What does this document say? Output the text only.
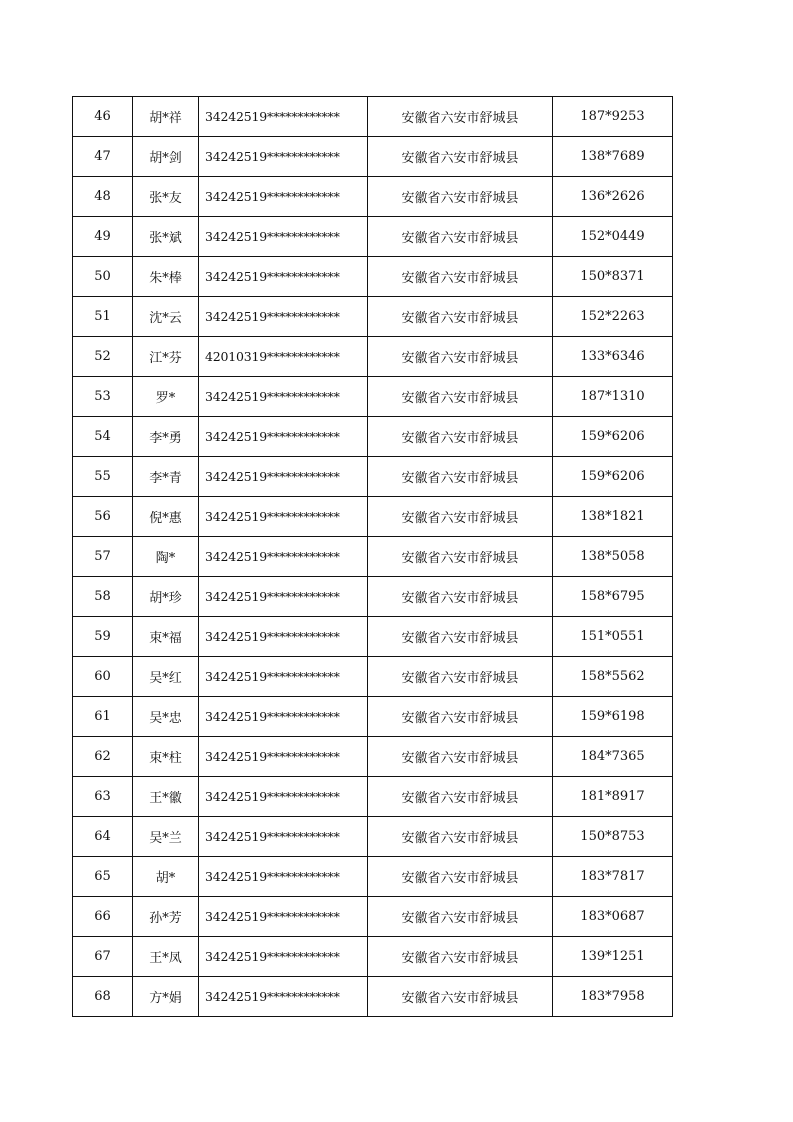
46	胡*祥	34242519************	安徽省六安市舒城县	187*9253
47	胡*剑	34242519************	安徽省六安市舒城县	138*7689
48	张*友	34242519************	安徽省六安市舒城县	136*2626
49	张*斌	34242519************	安徽省六安市舒城县	152*0449
50	朱*棒	34242519************	安徽省六安市舒城县	150*8371
51	沈*云	34242519************	安徽省六安市舒城县	152*2263
52	江*芬	42010319************	安徽省六安市舒城县	133*6346
53	罗*	34242519************	安徽省六安市舒城县	187*1310
54	李*勇	34242519************	安徽省六安市舒城县	159*6206
55	李*青	34242519************	安徽省六安市舒城县	159*6206
56	倪*惠	34242519************	安徽省六安市舒城县	138*1821
57	陶*	34242519************	安徽省六安市舒城县	138*5058
58	胡*珍	34242519************	安徽省六安市舒城县	158*6795
59	束*福	34242519************	安徽省六安市舒城县	151*0551
60	吴*红	34242519************	安徽省六安市舒城县	158*5562
61	吴*忠	34242519************	安徽省六安市舒城县	159*6198
62	束*柱	34242519************	安徽省六安市舒城县	184*7365
63	王*徽	34242519************	安徽省六安市舒城县	181*8917
64	吴*兰	34242519************	安徽省六安市舒城县	150*8753
65	胡*	34242519************	安徽省六安市舒城县	183*7817
66	孙*芳	34242519************	安徽省六安市舒城县	183*0687
67	王*凤	34242519************	安徽省六安市舒城县	139*1251
68	方*娟	34242519************	安徽省六安市舒城县	183*7958
